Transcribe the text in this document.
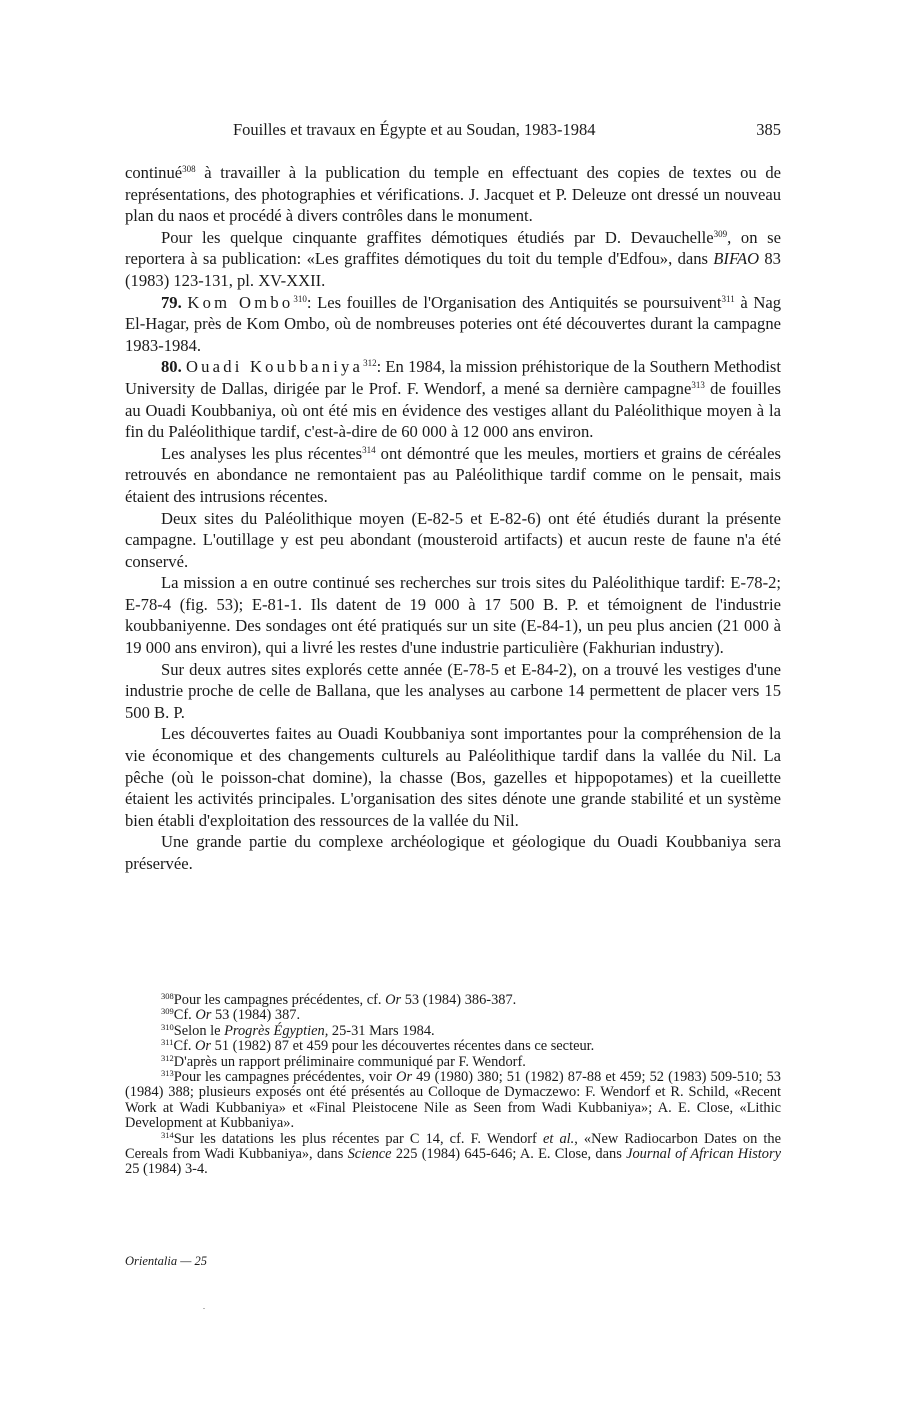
Fouilles et travaux en Égypte et au Soudan, 1983-1984	385

continué$^{308}$ à travailler à la publication du temple en effectuant des copies de textes ou de représentations, des photographies et vérifications. J. Jacquet et P. Deleuze ont dressé un nouveau plan du naos et procédé à divers contrôles dans le monument.

Pour les quelque cinquante graffites démotiques étudiés par D. Devauchelle$^{309}$, on se reportera à sa publication: «Les graffites démotiques du toit du temple d'Edfou», dans BIFAO 83 (1983) 123-131, pl. XV-XXII.

79. Kom Ombo$^{310}$: Les fouilles de l'Organisation des Antiquités se poursuivent$^{311}$ à Nag El-Hagar, près de Kom Ombo, où de nombreuses poteries ont été découvertes durant la campagne 1983-1984.

80. Ouadi Koubbaniya$^{312}$: En 1984, la mission préhistorique de la Southern Methodist University de Dallas, dirigée par le Prof. F. Wendorf, a mené sa dernière campagne$^{313}$ de fouilles au Ouadi Koubbaniya, où ont été mis en évidence des vestiges allant du Paléolithique moyen à la fin du Paléolithique tardif, c'est-à-dire de 60 000 à 12 000 ans environ.

Les analyses les plus récentes$^{314}$ ont démontré que les meules, mortiers et grains de céréales retrouvés en abondance ne remontaient pas au Paléolithique tardif comme on le pensait, mais étaient des intrusions récentes.

Deux sites du Paléolithique moyen (E-82-5 et E-82-6) ont été étudiés durant la présente campagne. L'outillage y est peu abondant (mousteroid artifacts) et aucun reste de faune n'a été conservé.

La mission a en outre continué ses recherches sur trois sites du Paléolithique tardif: E-78-2; E-78-4 (fig. 53); E-81-1. Ils datent de 19 000 à 17 500 B. P. et témoignent de l'industrie koubbaniyenne. Des sondages ont été pratiqués sur un site (E-84-1), un peu plus ancien (21 000 à 19 000 ans environ), qui a livré les restes d'une industrie particulière (Fakhurian industry).

Sur deux autres sites explorés cette année (E-78-5 et E-84-2), on a trouvé les vestiges d'une industrie proche de celle de Ballana, que les analyses au carbone 14 permettent de placer vers 15 500 B. P.

Les découvertes faites au Ouadi Koubbaniya sont importantes pour la compréhension de la vie économique et des changements culturels au Paléolithique tardif dans la vallée du Nil. La pêche (où le poisson-chat domine), la chasse (Bos, gazelles et hippopotames) et la cueillette étaient les activités principales. L'organisation des sites dénote une grande stabilité et un système bien établi d'exploitation des ressources de la vallée du Nil.

Une grande partie du complexe archéologique et géologique du Ouadi Koubbaniya sera préservée.

$^{308}$Pour les campagnes précédentes, cf. Or 53 (1984) 386-387.

$^{309}$Cf. Or 53 (1984) 387.

$^{310}$Selon le Progrès Égyptien, 25-31 Mars 1984.

$^{311}$Cf. Or 51 (1982) 87 et 459 pour les découvertes récentes dans ce secteur.

$^{312}$D'après un rapport préliminaire communiqué par F. Wendorf.

$^{313}$Pour les campagnes précédentes, voir Or 49 (1980) 380; 51 (1982) 87-88 et 459; 52 (1983) 509-510; 53 (1984) 388; plusieurs exposés ont été présentés au Colloque de Dymaczewo: F. Wendorf et R. Schild, «Recent Work at Wadi Kubbaniya» et «Final Pleistocene Nile as Seen from Wadi Kubbaniya»; A. E. Close, «Lithic Development at Kubbaniya».

$^{314}$Sur les datations les plus récentes par C 14, cf. F. Wendorf et al., «New Radiocarbon Dates on the Cereals from Wadi Kubbaniya», dans Science 225 (1984) 645-646; A. E. Close, dans Journal of African History 25 (1984) 3-4.

Orientalia — 25
